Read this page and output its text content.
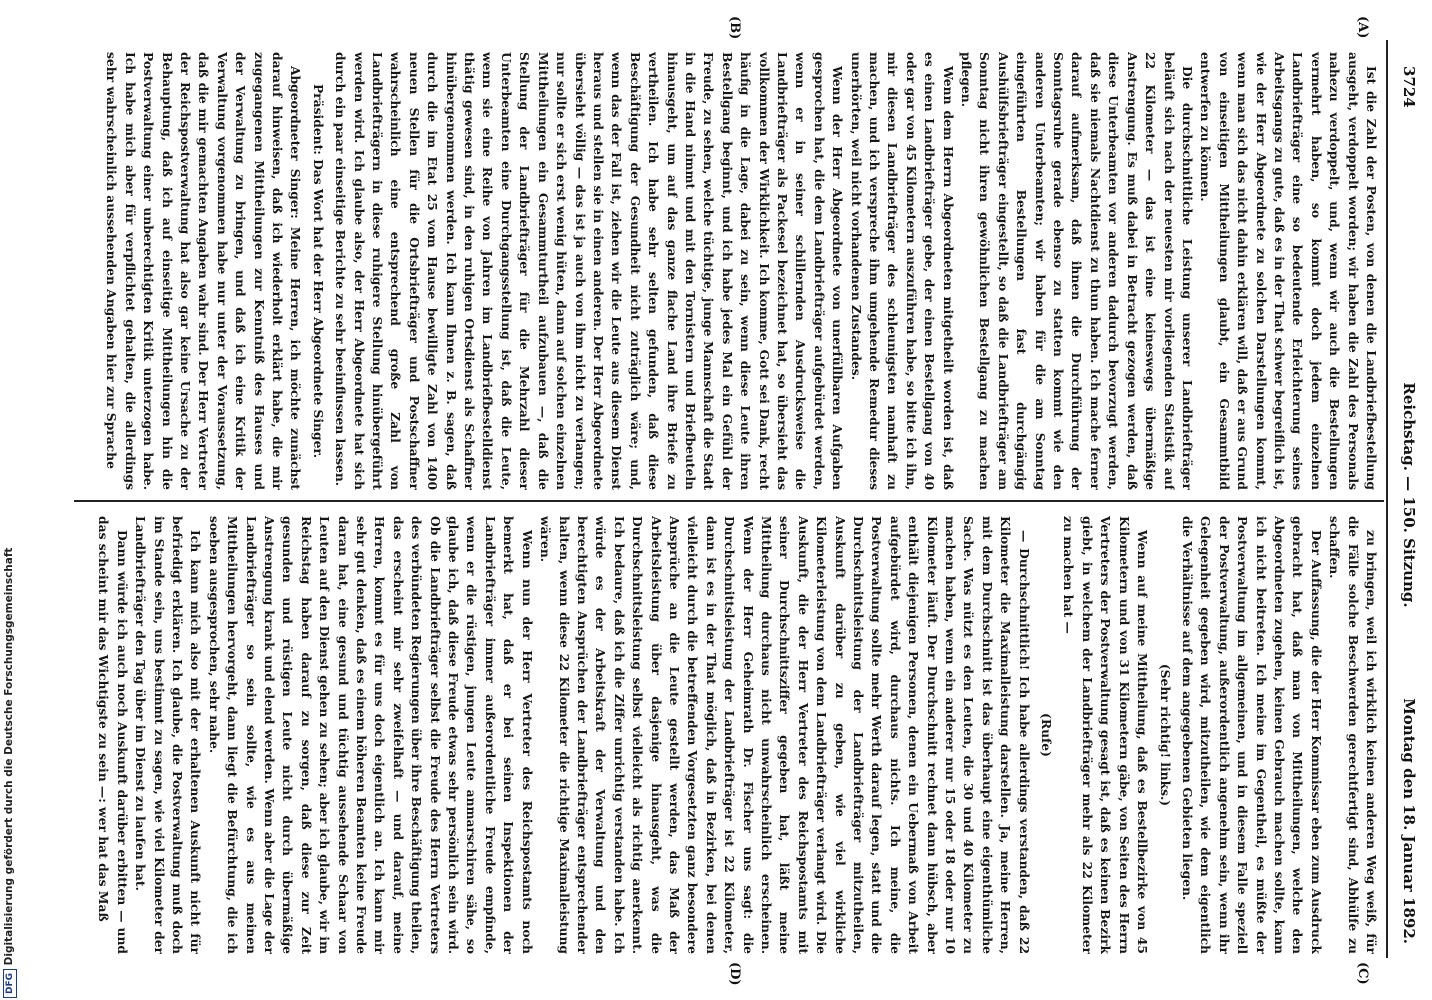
3724
Reichstag. — 150. Sitzung.
Montag den 18. Januar 1892.
(A)
(B)
(C)
(D)

Ist die Zahl der Posten, von denen die Landbriefbestellung ausgeht, verdoppelt worden; wir haben die Zahl des Personals nahezu verdoppelt, und, wenn wir auch die Bestellungen vermehrt haben, so kommt doch jedem einzelnen Landbriefträger eine so bedeutende Erleichterung seines Arbeitsgangs zu gute, daß es in der That schwer begreiflich ist, wie der Herr Abgeordnete zu solchen Darstellungen kommt, wenn man sich das nicht dahin erklären will, daß er aus Grund von einseitigen Mittheilungen glaubt, ein Gesammtbild entwerfen zu können.

Die durchschnittliche Leistung unserer Landbriefträger beläuft sich nach der neuesten mir vorliegenden Statistik auf 22 Kilometer — das ist eine keineswegs übermäßige Anstrengung. Es muß dabei in Betracht gezogen werden, daß diese Unterbeamten vor anderen dadurch bevorzugt werden, daß sie niemals Nachtdienst zu thun haben. Ich mache ferner darauf aufmerksam, daß ihnen die Durchführung der Sonntagsruhe gerade ebenso zu statten kommt wie den anderen Unterbeamten; wir haben für die am Sonntag eingeführten Bestellungen fast durchgängig Aushülfsbriefträger eingestellt, so daß die Landbriefträger am Sonntag nicht ihren gewöhnlichen Bestellgang zu machen pflegen.

Wenn dem Herrn Abgeordneten mitgetheilt worden ist, daß es einen Landbriefträger gebe, der einen Bestellgang von 40 oder gar von 45 Kilometern auszuführen habe, so bitte ich ihn, mir diesen Landbriefträger des schleunigsten namhaft zu machen, und ich verspreche ihm umgehende Remedur dieses unerhörten, weil nicht vorhandenen Zustandes.

Wenn der Herr Abgeordnete von unerfüllbaren Aufgaben gesprochen hat, die dem Landbriefträger aufgebürdet werden, wenn er in seiner schillernden Ausdrucksweise die Landbriefträger als Packesel bezeichnet hat, so übersieht das vollkommen der Wirklichkeit. Ich komme, Gott sei Dank, recht häufig in die Lage, dabei zu sein, wenn diese Leute ihren Bestellgang beginnt, und ich habe jedes Mal ein Gefühl der Freude, zu sehen, welche tüchtige, junge Mannschaft die Stadt in die Hand nimmt und mit den Tornistern und Briefbeuteln hinausgeht, um auf das ganze flache Land ihre Briefe zu vertheilen. Ich habe sehr selten gefunden, daß diese Beschäftigung der Gesundheit nicht zuträglich wäre; und, wenn das der Fall ist, ziehen wir die Leute aus diesem Dienst heraus und stellen sie in einen anderen. Der Herr Abgeordnete übersieht völlig — das ist ja auch von ihm nicht zu verlangen; nur sollte er sich erst wenig hüten, dann auf solchen einzelnen Mittheilungen ein Gesammturtheil aufzubauen —, daß die Stellung der Landbriefträger für die Mehrzahl dieser Unterbeamten eine Durchgangsstellung ist, daß die Leute, wenn sie eine Reihe von Jahren im Landbriefbestelldienst thätig gewesen sind, in den ruhigen Ortsdienst als Schaffner hinübergenommen werden. Ich kann Ihnen z. B. sagen, daß durch die im Etat 25 vom Hause bewilligte Zahl von 1400 neuen Stellen für die Ortsbriefträger und Postschaffner wahrscheinlich eine entsprechend große Zahl von Landbriefträgern in diese ruhigere Stellung hinübergeführt werden wird. Ich glaube also, der Herr Abgeordnete hat sich durch ein paar einseitige Berichte zu sehr beeinflussen lassen.

Präsident: Das Wort hat der Herr Abgeordnete Singer.

Abgeordneter Singer: Meine Herren, ich möchte zunächst darauf hinweisen, daß ich wiederholt erklärt habe, die mir zugegangenen Mittheilungen zur Kenntniß des Hauses und der Verwaltung zu bringen, und daß ich eine Kritik der Verwaltung vorgenommen habe nur unter der Voraussetzung, daß die mir gemachten Angaben wahr sind. Der Herr Vertreter der Reichspostverwaltung hat also gar keine Ursache zu der Behauptung, daß ich auf einseitige Mittheilungen hin die Postverwaltung einer unberechtigten Kritik unterzogen habe. Ich habe mich aber für verpflichtet gehalten, die allerdings sehr wahrscheinlich aussehenden Angaben hier zur Sprache

zu bringen, weil ich wirklich keinen anderen Weg weiß, für die Fälle solche Beschwerden gerechtfertigt sind, Abhülfe zu schaffen.

Der Auffassung, die der Herr Kommissar eben zum Ausdruck gebracht hat, daß man von Mittheilungen, welche den Abgeordneten zugehen, keinen Gebrauch machen sollte, kann ich nicht beitreten. Ich meine im Gegentheil, es müßte der Postverwaltung im allgemeinen, und in diesem Falle speziell der Postverwaltung, außerordentlich angenehm sein, wenn ihr Gelegenheit gegeben wird, mitzutheilen, wie dem eigentlich die Verhältnisse auf dem angegebenen Gebieten liegen.

(Sehr richtig! links.)

Wenn auf meine Mittheilung, daß es Bestellbezirke von 45 Kilometern und von 31 Kilometern gäbe, von Seiten des Herrn Vertreters der Postverwaltung gesagt ist, daß es keinen Bezirk giebt, in welchem der Landbriefträger mehr als 22 Kilometer zu machen hat —

(Rufe)

— Durchschnittlich! Ich habe allerdings verstanden, daß 22 Kilometer die Maximalleistung darstellen. Ja, meine Herren, mit dem Durchschnitt ist das überhaupt eine eigenthümliche Sache. Was nützt es den Leuten, die 30 und 40 Kilometer zu machen haben, wenn ein anderer nur 15 oder 18 oder nur 10 Kilometer läuft. Der Durchschnitt rechnet dann hübsch, aber enthält diejenigen Personen, denen ein Uebermaß von Arbeit aufgebürdet wird, durchaus nichts. Ich meine, die Postverwaltung sollte mehr Werth darauf legen, statt und die Durchschnittsleistung der Landbriefträger mitzutheilen, Auskunft darüber zu geben, wie viel wirkliche Kilometerleistung von dem Landbriefträger verlangt wird. Die Auskunft, die der Herr Vertreter des Reichspostamts mit seiner Durchschnittsziffer gegeben hat, läßt meine Mittheilung durchaus nicht unwahrscheinlich erscheinen. Wenn der Herr Geheimrath Dr. Fischer uns sagt: die Durchschnittsleistung der Landbriefträger ist 22 Kilometer, dann ist es in der That möglich, daß in Bezirken, bei denen vielleicht durch die betreffenden Vorgesetzten ganz besondere Ansprüche an die Leute gestellt werden, das Maß der Arbeitsleistung über dasjenige hinausgeht, was die Durchschnittsleistung selbst vielleicht als richtig anerkennt. Ich bedaure, daß ich die Ziffer unrichtig verstanden habe. Ich würde es der Arbeitskraft der Verwaltung und den berechtigten Ansprüchen der Landbriefträger entsprechender halten, wenn diese 22 Kilometer die richtige Maximalleistung wären.

Wenn nun der Herr Vertreter des Reichspostamts noch bemerkt hat, daß er bei seinen Inspektionen der Landbriefträger immer außerordentliche Freude empfinde, wenn er die rüstigen, jungen Leute anmarschiren sähe, so glaube ich, daß diese Freude etwas sehr persönlich sein wird. Ob die Landbriefträger selbst die Freude des Herrn Vertreters des verbündeten Regierungen über ihre Beschäftigung theilen, das erscheint mir sehr zweifelhaft — und darauf, meine Herren, kommt es für uns doch eigentlich an. Ich kann mir sehr gut denken, daß es einem höheren Beamten keine Freude daran hat, eine gesund und tüchtig aussehende Schaar von Leuten auf den Dienst gehen zu sehen; aber ich glaube, wir im Reichstag haben darauf zu sorgen, daß diese zur Zeit gesunden und rüstigen Leute nicht durch übermäßige Anstrengung krank und elend werden. Wenn aber die Lage der Landbriefträger so sein sollte, wie es aus meinen Mittheilungen hervorgeht, dann liegt die Befürchtung, die ich soeben ausgesprochen, sehr nahe.

Ich kann mich also mit der erhaltenen Auskunft nicht für befriedigt erklären. Ich glaube, die Postverwaltung muß doch im Stande sein, uns bestimmt zu sagen, wie viel Kilometer der Landbriefträger den Tag über im Dienst zu laufen hat.

Dann würde ich auch noch Auskunft darüber erbitten — und das scheint mir das Wichtigste zu sein —: wer hat das Maß

DFG Digitalisierung gefördert durch die Deutsche Forschungsgemeinschaft
